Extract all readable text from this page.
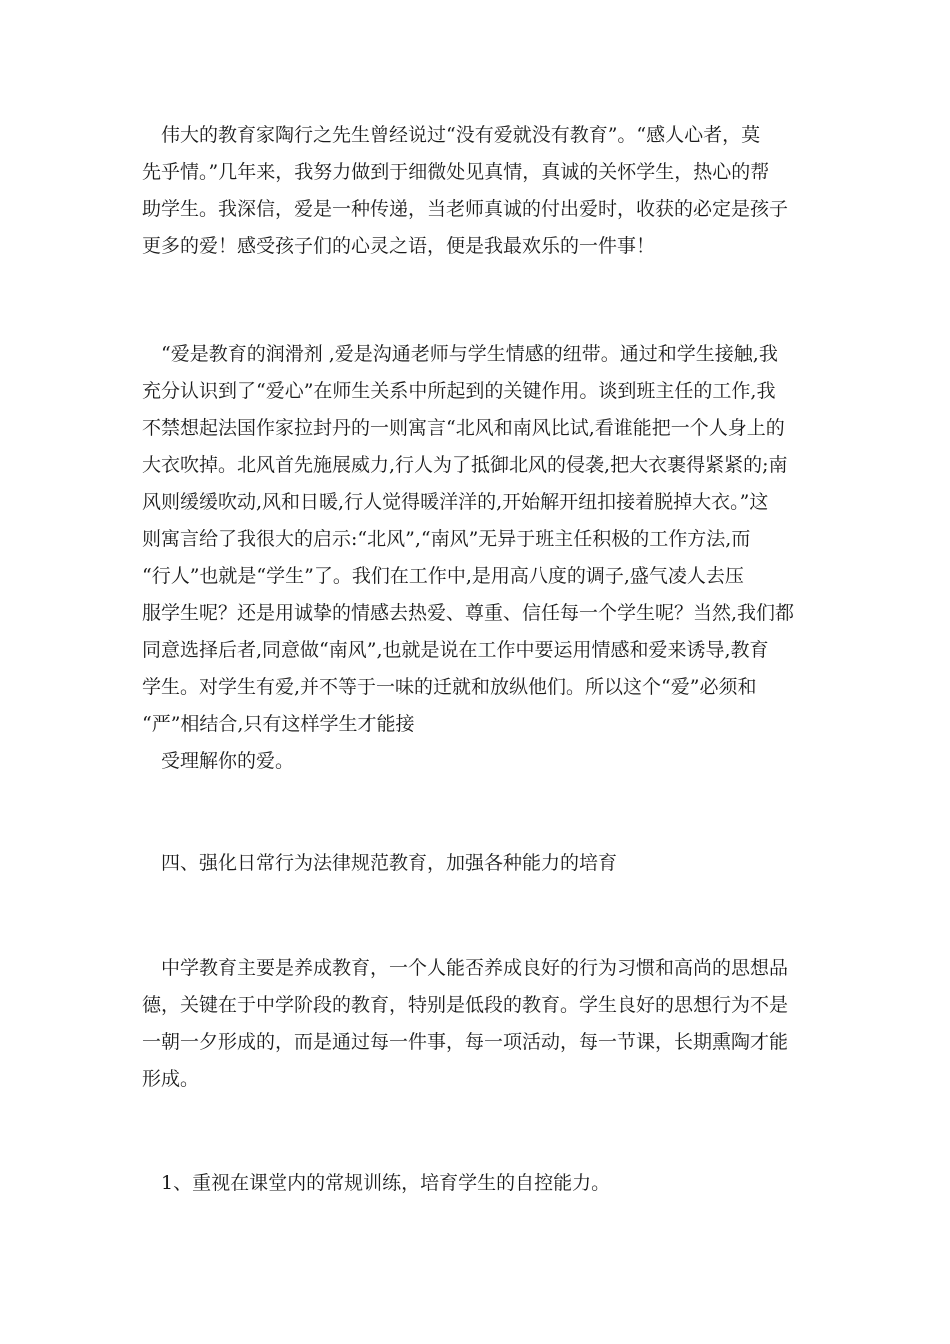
　伟大的教育家陶行之先生曾经说过“没有爱就没有教育”。“感人心者，莫
先乎情。”几年来，我努力做到于细微处见真情，真诚的关怀学生，热心的帮
助学生。我深信，爱是一种传递，当老师真诚的付出爱时，收获的必定是孩子
更多的爱！感受孩子们的心灵之语，便是我最欢乐的一件事！
　“爱是教育的润滑剂 ,爱是沟通老师与学生情感的纽带。通过和学生接触,我
充分认识到了“爱心”在师生关系中所起到的关键作用。谈到班主任的工作,我
不禁想起法国作家拉封丹的一则寓言“北风和南风比试,看谁能把一个人身上的
大衣吹掉。北风首先施展威力,行人为了抵御北风的侵袭,把大衣裹得紧紧的;南
风则缓缓吹动,风和日暖,行人觉得暖洋洋的,开始解开纽扣接着脱掉大衣。”这
则寓言给了我很大的启示:“北风”,“南风”无异于班主任积极的工作方法,而
“行人”也就是“学生”了。我们在工作中,是用高八度的调子,盛气凌人去压
服学生呢？还是用诚挚的情感去热爱、尊重、信任每一个学生呢？当然,我们都
同意选择后者,同意做“南风”,也就是说在工作中要运用情感和爱来诱导,教育
学生。对学生有爱,并不等于一味的迁就和放纵他们。所以这个“爱”必须和
“严”相结合,只有这样学生才能接
　受理解你的爱。
　四、强化日常行为法律规范教育，加强各种能力的培育
　中学教育主要是养成教育，一个人能否养成良好的行为习惯和高尚的思想品
德，关键在于中学阶段的教育，特别是低段的教育。学生良好的思想行为不是
一朝一夕形成的，而是通过每一件事，每一项活动，每一节课，长期熏陶才能
形成。
　1、重视在课堂内的常规训练，培育学生的自控能力。
